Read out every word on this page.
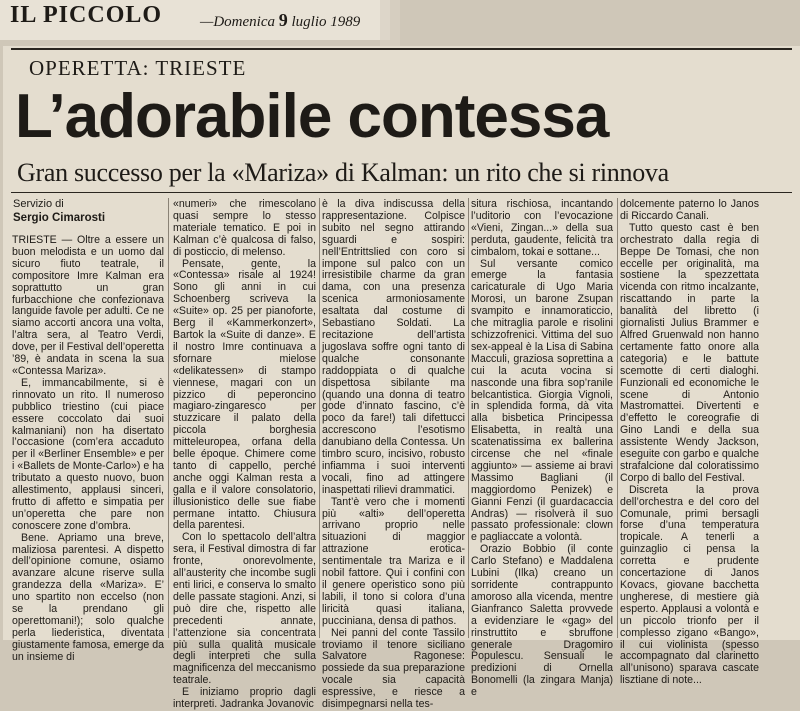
IL PICCOLO	—Domenica 9 luglio 1989
OPERETTA: TRIESTE
L’adorabile contessa
Gran successo per la «Mariza» di Kalman: un rito che si rinnova
Servizio di
Sergio Cimarosti

TRIESTE — Oltre a essere un buon melodista e un uomo dal sicuro fiuto teatrale, il compositore Imre Kalman era soprattutto un gran furbacchione che confezionava languide favole per adulti. Ce ne siamo accorti ancora una volta, l’altra sera, al Teatro Verdi, dove, per il Festival dell’operetta ’89, è andata in scena la sua «Contessa Mariza».

E, immancabilmente, si è rinnovato un rito. Il numeroso pubblico triestino (cui piace essere coccolato dai suoi kalmaniani) non ha disertato l’occasione (com’era accaduto per il «Berliner Ensemble» e per i «Ballets de Monte-Carlo») e ha tributato a questo nuovo, buon allestimento, applausi sinceri, frutto di affetto e simpatia per un’operetta che pare non conoscere zone d’ombra.

Bene. Apriamo una breve, maliziosa parentesi. A dispetto dell’opinione comune, osiamo avanzare alcune riserve sulla grandezza della «Mariza». E’ uno spartito non eccelso (non se la prendano gli operettomani!); solo qualche perla liederistica, diventata giustamente famosa, emerge da un insieme di

«numeri» che rimescolano quasi sempre lo stesso materiale tematico. E poi in Kalman c’è qualcosa di falso, di posticcio, di melenso.

Pensate, gente, la «Contessa» risale al 1924! Sono gli anni in cui Schoenberg scriveva la «Suite» op. 25 per pianoforte, Berg il «Kammerkonzert», Bartok la «Suite di danze». E il nostro Imre continuava a sfornare mielose «delikatessen» di stampo viennese, magari con un pizzico di peperoncino magiaro-zingaresco per stuzzicare il palato della piccola borghesia mitteleuropea, orfana della belle époque. Chimere come tanto di cappello, perché anche oggi Kalman resta a galla e il valore consolatorio, illusionistico delle sue fiabe permane intatto. Chiusura della parentesi.

Con lo spettacolo dell’altra sera, il Festival dimostra di far fronte, onorevolmente, all’austerity che incombe sugli enti lirici, e conserva lo smalto delle passate stagioni. Anzi, si può dire che, rispetto alle precedenti annate, l’attenzione sia concentrata più sulla qualità musicale degli interpreti che sulla magnificenza del meccanismo teatrale.

E iniziamo proprio dagli interpreti. Jadranka Jovanovic

è la diva indiscussa della rappresentazione. Colpisce subito nel segno attirando sguardi e sospiri: nell’Entrittslied con coro si impone sul palco con un irresistibile charme da gran dama, con una presenza scenica armoniosamente esaltata dal costume di Sebastiano Soldati. La recitazione dell’artista jugoslava soffre ogni tanto di qualche consonante raddoppiata o di qualche dispettosa sibilante ma (quando una donna di teatro gode d’innato fascino, c’è poco da fare!) tali difettucci accrescono l’esotismo danubiano della Contessa. Un timbro scuro, incisivo, robusto infiamma i suoi interventi vocali, fino ad attingere inaspettati rilievi drammatici.

Tant’è vero che i momenti più «alti» dell’operetta arrivano proprio nelle situazioni di maggior attrazione erotica-sentimentale tra Mariza e il nobil fattore. Qui i confini con il genere operistico sono più labili, il tono si colora d’una liricità quasi italiana, pucciniana, densa di pathos.

Nei panni del conte Tassilo troviamo il tenore siciliano Salvatore Ragonese: possiede da sua preparazione vocale sia capacità espressive, e riesce a disimpegnarsi nella tes-

situra rischiosa, incantando l’uditorio con l’evocazione «Vieni, Zingan...» della sua perduta, gaudente, felicità tra cimbalom, tokai e sottane...

Sul versante comico emerge la fantasia caricaturale di Ugo Maria Morosi, un barone Zsupan svampito e innamoraticcio, che mitraglia parole e risolini schizzofrenici. Vittima del suo sex-appeal è la Lisa di Sabina Macculi, graziosa soprettina a cui la acuta vocina si nasconde una fibra sop’ranile belcantistica. Giorgia Vignoli, in splendida forma, dà vita alla bisbetica Principessa Elisabetta, in realtà una scatenatissima ex ballerina circense che nel «finale aggiunto» — assieme ai bravi Massimo Bagliani (il maggiordomo Penizek) e Gianni Fenzi (il guardacaccia Andras) — risolverà il suo passato professionale: clown e pagliaccate a volontà.

Orazio Bobbio (il conte Carlo Stefano) e Maddalena Lubini (Ilka) creano un sorridente contrappunto amoroso alla vicenda, mentre Gianfranco Saletta provvede a evidenziare le «gag» del rinstruttito e sbruffone generale Dragomiro Populescu. Sensuali le predizioni di Ornella Bonomelli (la zingara Manja) e

dolcemente paterno lo Janos di Riccardo Canali.

Tutto questo cast è ben orchestrato dalla regia di Beppe De Tomasi, che non eccelle per originalità, ma sostiene la spezzettata vicenda con ritmo incalzante, riscattando in parte la banalità del libretto (i giornalisti Julius Brammer e Alfred Gruenwald non hanno certamente fatto onore alla categoria) e le battute scemotte di certi dialoghi. Funzionali ed economiche le scene di Antonio Mastromattei. Divertenti e d’effetto le coreografie di Gino Landi e della sua assistente Wendy Jackson, eseguite con garbo e qualche strafalcione dal coloratissimo Corpo di ballo del Festival.

Discreta la prova dell’orchestra e del coro del Comunale, primi bersagli forse d’una temperatura tropicale. A tenerli a guinzaglio ci pensa la corretta e prudente concertazione di Janos Kovacs, giovane bacchetta ungherese, di mestiere già esperto. Applausi a volontà e un piccolo trionfo per il complesso zigano «Bango», il cui violinista (spesso accompagnato dal clarinetto all’unisono) sparava cascate lisztiane di note...
